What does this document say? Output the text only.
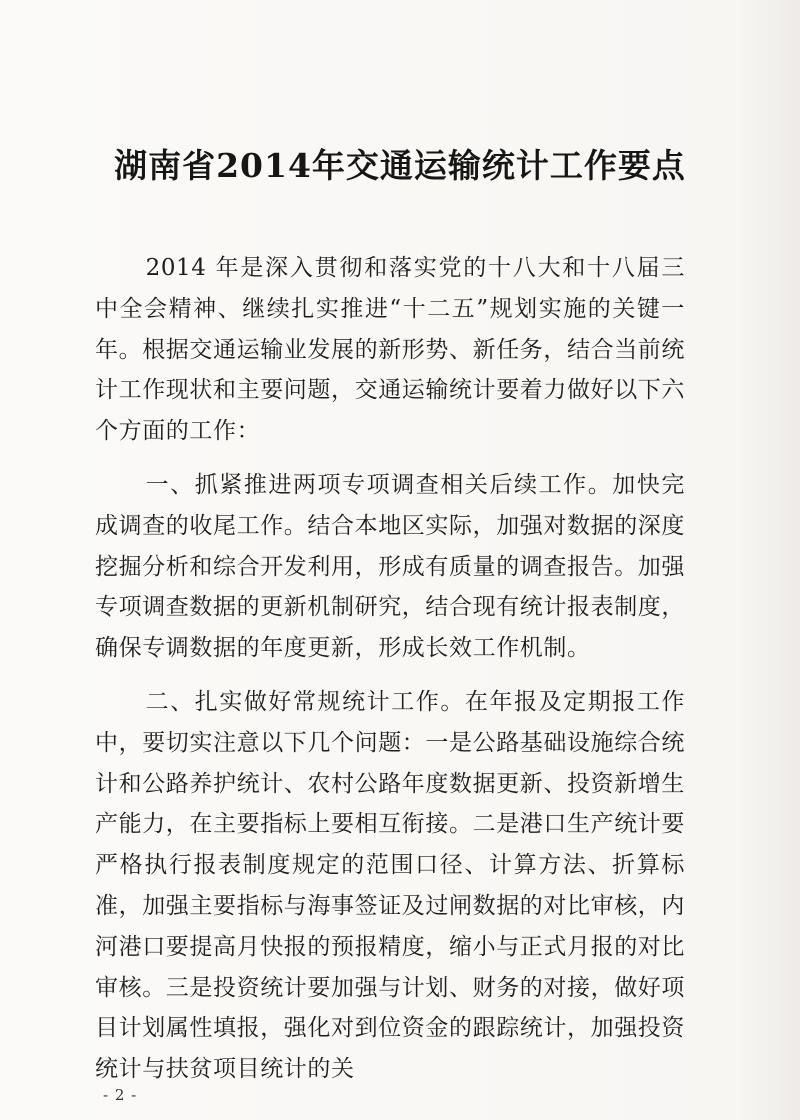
湖南省2014年交通运输统计工作要点
2014 年是深入贯彻和落实党的十八大和十八届三中全会精神、继续扎实推进“十二五”规划实施的关键一年。根据交通运输业发展的新形势、新任务，结合当前统计工作现状和主要问题，交通运输统计要着力做好以下六个方面的工作：
一、抓紧推进两项专项调查相关后续工作。加快完成调查的收尾工作。结合本地区实际，加强对数据的深度挖掘分析和综合开发利用，形成有质量的调查报告。加强专项调查数据的更新机制研究，结合现有统计报表制度，确保专调数据的年度更新，形成长效工作机制。
二、扎实做好常规统计工作。在年报及定期报工作中，要切实注意以下几个问题：一是公路基础设施综合统计和公路养护统计、农村公路年度数据更新、投资新增生产能力，在主要指标上要相互衔接。二是港口生产统计要严格执行报表制度规定的范围口径、计算方法、折算标准，加强主要指标与海事签证及过闸数据的对比审核，内河港口要提高月快报的预报精度，缩小与正式月报的对比审核。三是投资统计要加强与计划、财务的对接，做好项目计划属性填报，强化对到位资金的跟踪统计，加强投资统计与扶贫项目统计的关
- 2 -
